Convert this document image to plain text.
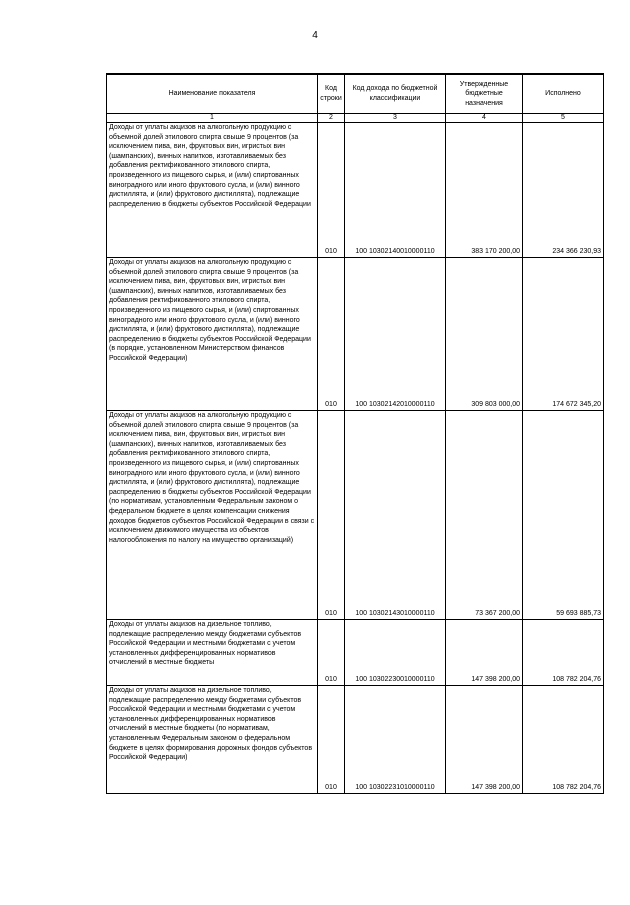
4
Наименование показателя	Код строки	Код дохода по бюджетной классификации	Утвержденные бюджетные назначения	Исполнено
1	2	3	4	5
Доходы от уплаты акцизов на алкогольную продукцию с объемной долей этилового спирта свыше 9 процентов (за исключением пива, вин, фруктовых вин, игристых вин (шампанских), винных напитков, изготавливаемых без добавления ректификованного этилового спирта, произведенного из пищевого сырья, и (или) спиртованных виноградного или иного фруктового сусла, и (или) винного дистиллята, и (или) фруктового дистиллята), подлежащие распределению в бюджеты субъектов Российской Федерации	010	100 10302140010000110	383 170 200,00	234 366 230,93
Доходы от уплаты акцизов на алкогольную продукцию с объемной долей этилового спирта свыше 9 процентов (за исключением пива, вин, фруктовых вин, игристых вин (шампанских), винных напитков, изготавливаемых без добавления ректификованного этилового спирта, произведенного из пищевого сырья, и (или) спиртованных виноградного или иного фруктового сусла, и (или) винного дистиллята, и (или) фруктового дистиллята), подлежащие распределению в бюджеты субъектов Российской Федерации (в порядке, установленном Министерством финансов Российской Федерации)	010	100 10302142010000110	309 803 000,00	174 672 345,20
Доходы от уплаты акцизов на алкогольную продукцию с объемной долей этилового спирта свыше 9 процентов (за исключением пива, вин, фруктовых вин, игристых вин (шампанских), винных напитков, изготавливаемых без добавления ректификованного этилового спирта, произведенного из пищевого сырья, и (или) спиртованных виноградного или иного фруктового сусла, и (или) винного дистиллята, и (или) фруктового дистиллята), подлежащие распределению в бюджеты субъектов Российской Федерации (по нормативам, установленным Федеральным законом о федеральном бюджете в целях компенсации снижения доходов бюджетов субъектов Российской Федерации в связи с исключением движимого имущества из объектов налогообложения по налогу на имущество организаций)	010	100 10302143010000110	73 367 200,00	59 693 885,73
Доходы от уплаты акцизов на дизельное топливо, подлежащие распределению между бюджетами субъектов Российской Федерации и местными бюджетами с учетом установленных дифференцированных нормативов отчислений в местные бюджеты	010	100 10302230010000110	147 398 200,00	108 782 204,76
Доходы от уплаты акцизов на дизельное топливо, подлежащие распределению между бюджетами субъектов Российской Федерации и местными бюджетами с учетом установленных дифференцированных нормативов отчислений в местные бюджеты (по нормативам, установленным Федеральным законом о федеральном бюджете в целях формирования дорожных фондов субъектов Российской Федерации)	010	100 10302231010000110	147 398 200,00	108 782 204,76
